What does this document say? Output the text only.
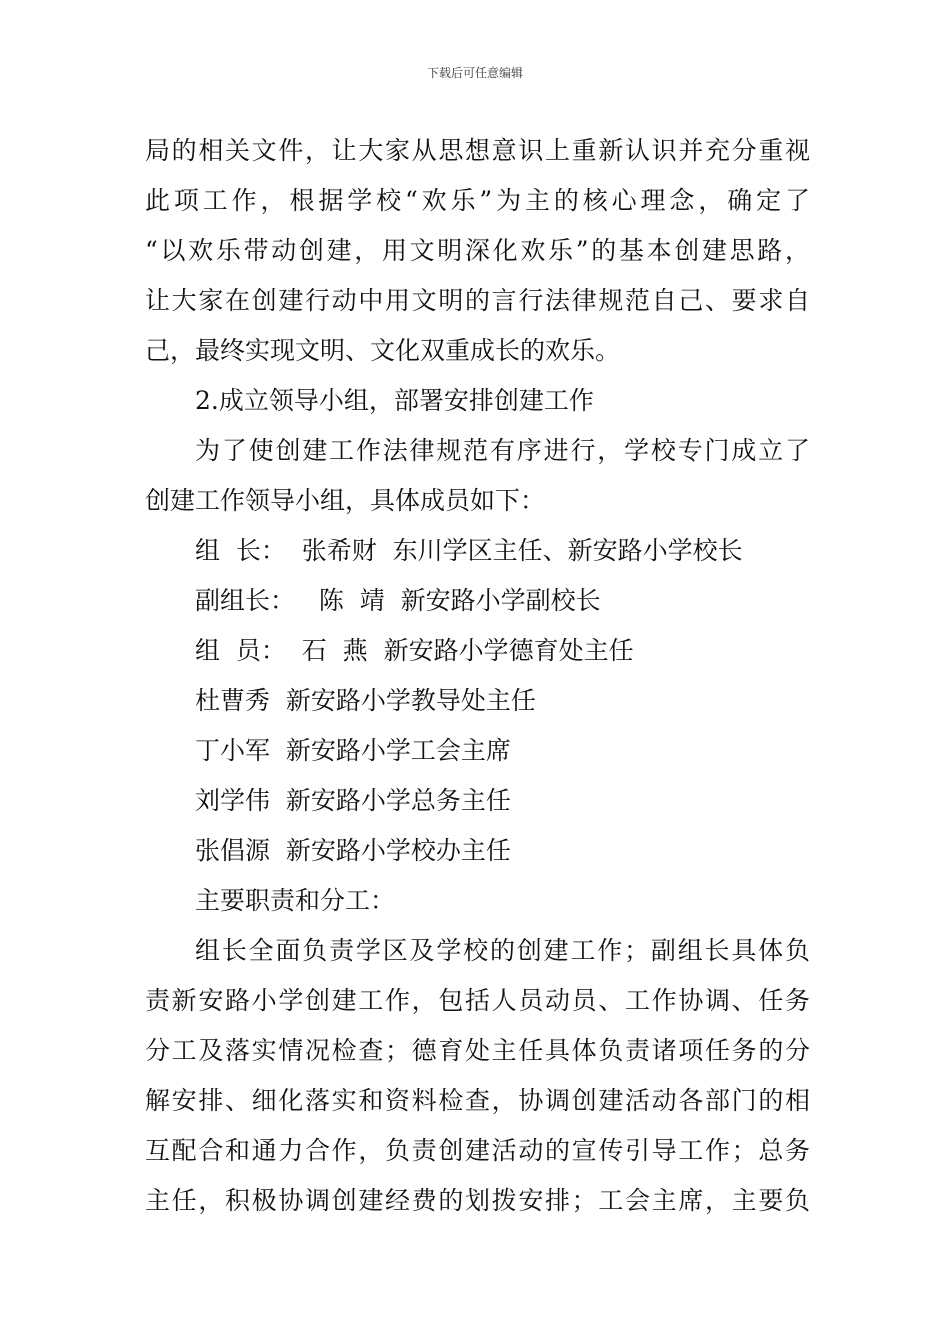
下载后可任意编辑
局的相关文件，让大家从思想意识上重新认识并充分重视
此项工作，根据学校“欢乐”为主的核心理念，确定了
“以欢乐带动创建，用文明深化欢乐”的基本创建思路，
让大家在创建行动中用文明的言行法律规范自己、要求自
己，最终实现文明、文化双重成长的欢乐。
2.成立领导小组，部署安排创建工作
为了使创建工作法律规范有序进行，学校专门成立了
创建工作领导小组，具体成员如下：
组  长：  张希财  东川学区主任、新安路小学校长
副组长：   陈  靖  新安路小学副校长
组  员：  石  燕  新安路小学德育处主任
杜曹秀  新安路小学教导处主任
丁小军  新安路小学工会主席
刘学伟  新安路小学总务主任
张倡源  新安路小学校办主任
主要职责和分工：
组长全面负责学区及学校的创建工作；副组长具体负
责新安路小学创建工作，包括人员动员、工作协调、任务
分工及落实情况检查；德育处主任具体负责诸项任务的分
解安排、细化落实和资料检查，协调创建活动各部门的相
互配合和通力合作，负责创建活动的宣传引导工作；总务
主任，积极协调创建经费的划拨安排；工会主席，主要负
